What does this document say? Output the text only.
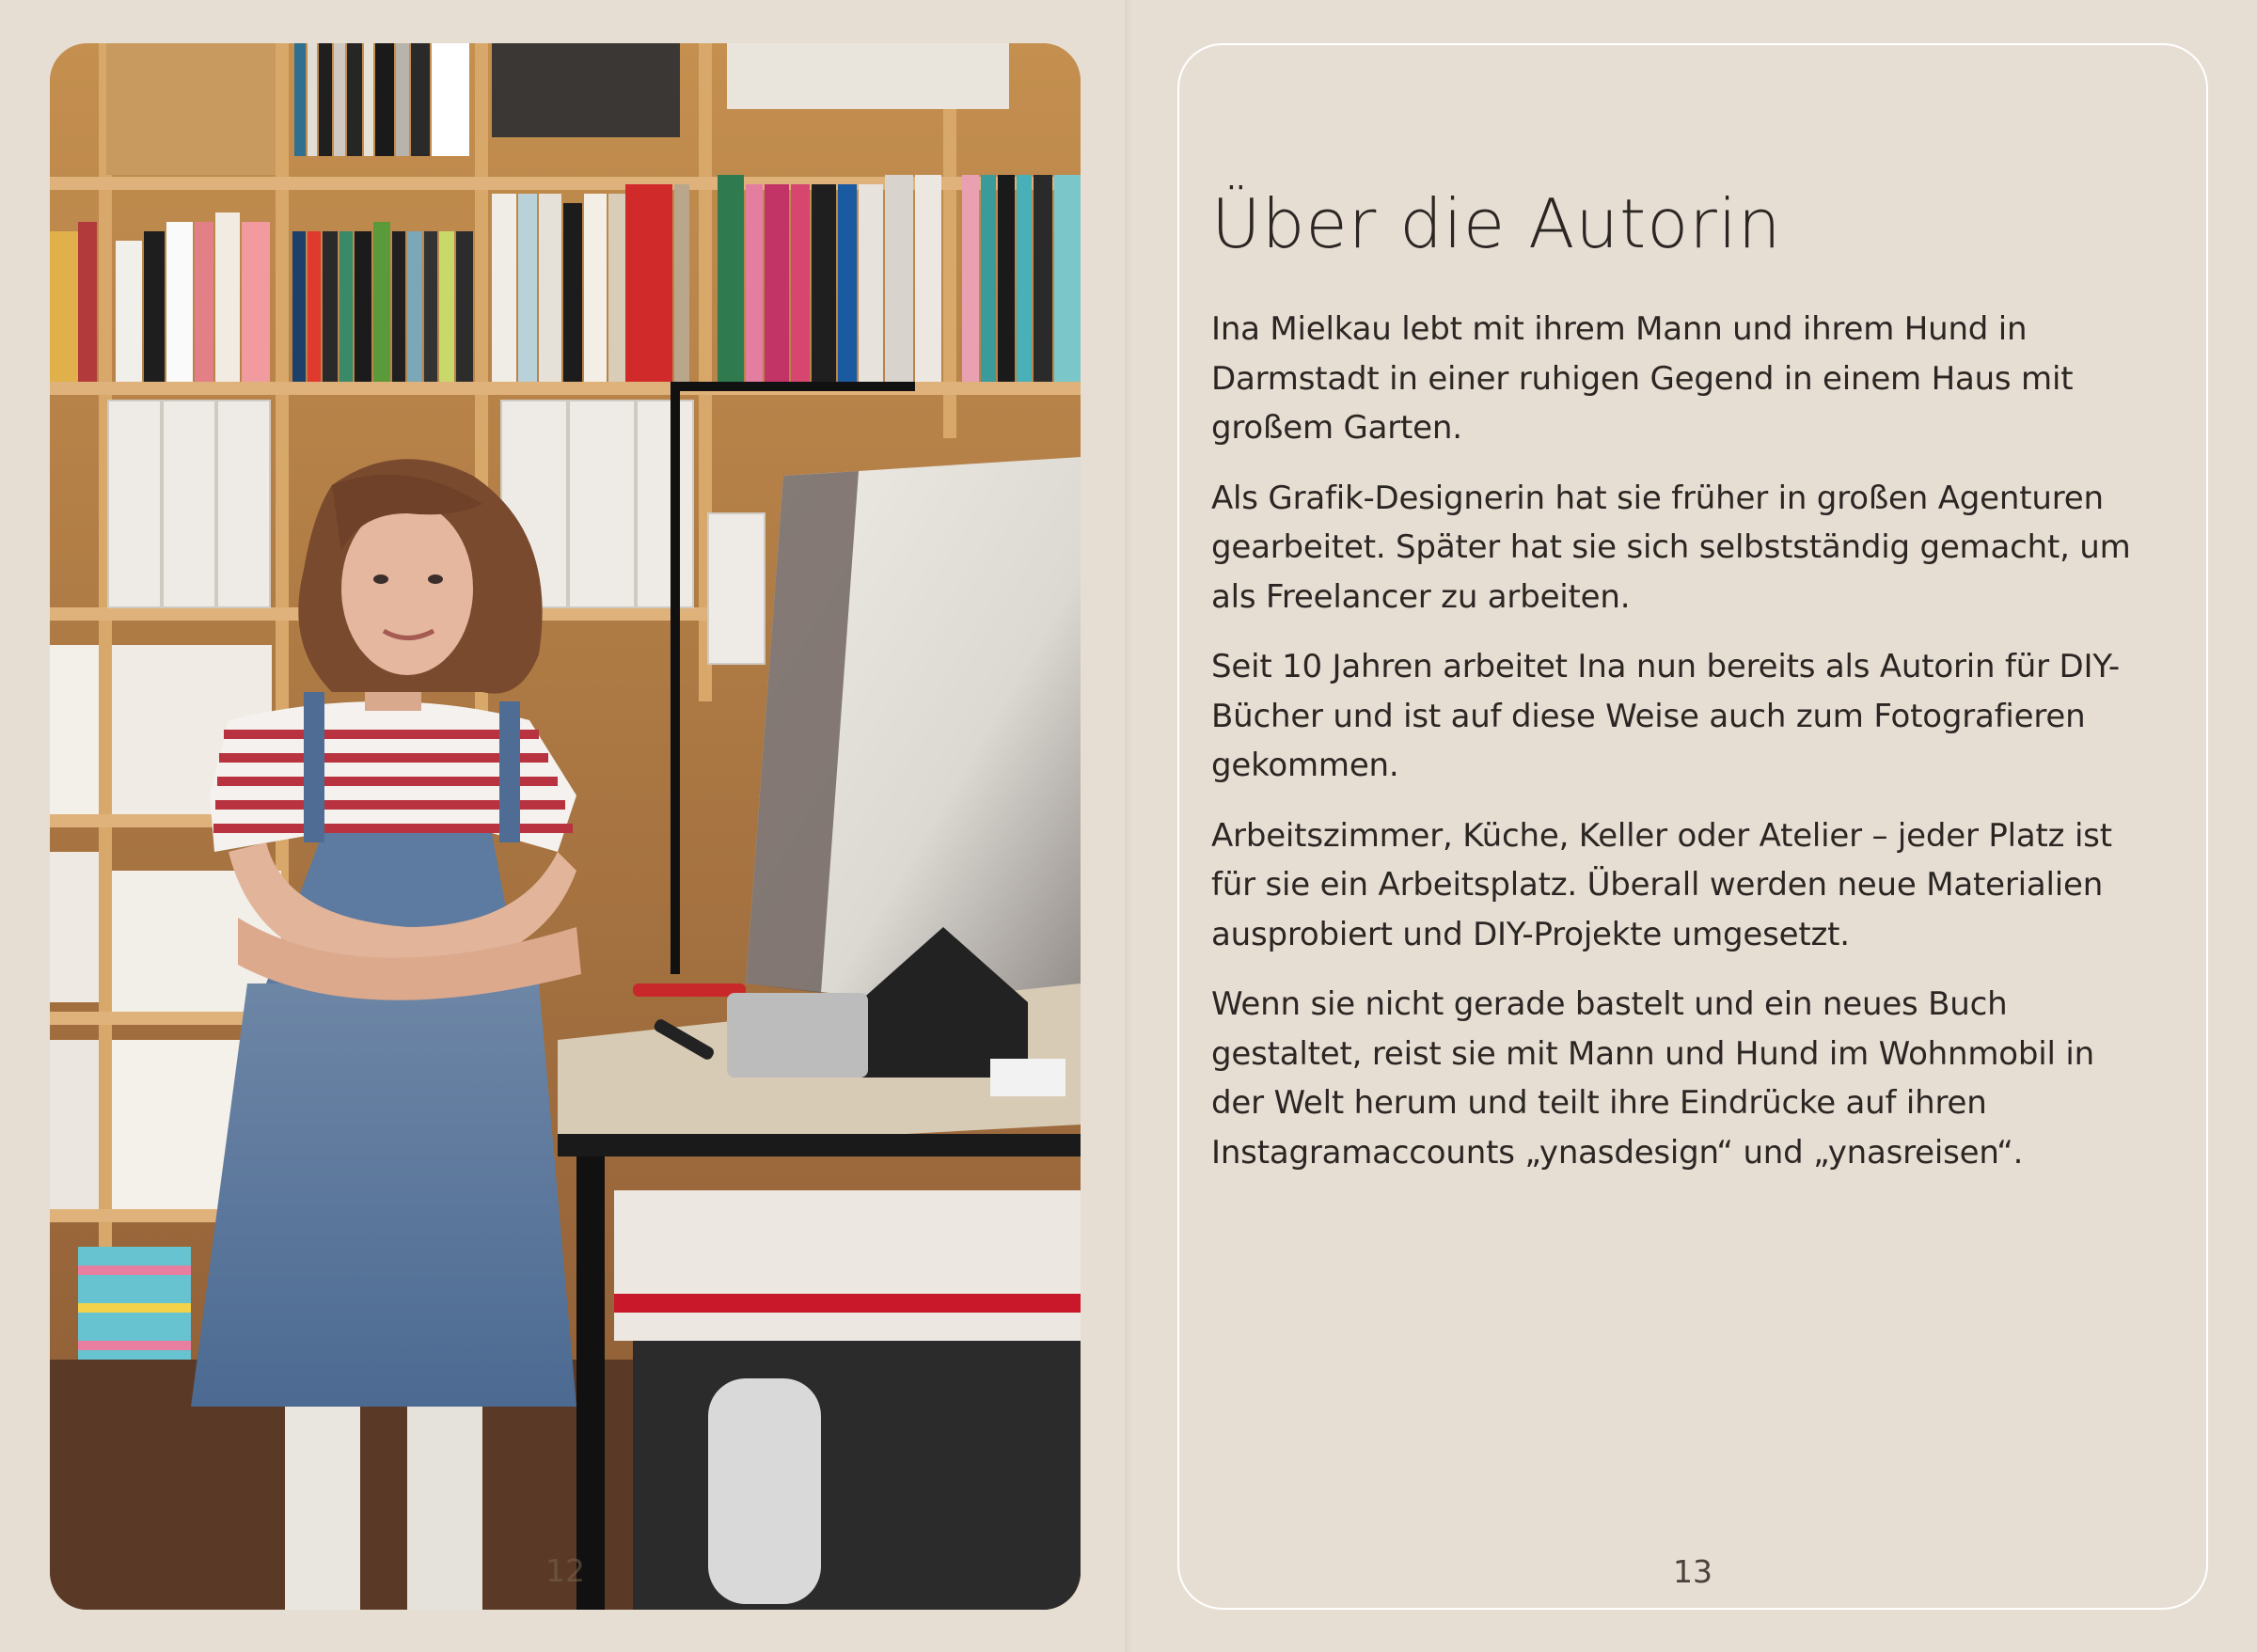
12
Über die Autorin

Ina Mielkau lebt mit ihrem Mann und ihrem Hund in Darmstadt in einer ruhigen Gegend in einem Haus mit großem Garten.

Als Grafik-Designerin hat sie früher in großen Agenturen gearbeitet. Später hat sie sich selbstständig gemacht, um als Freelancer zu arbeiten.

Seit 10 Jahren arbeitet Ina nun bereits als Autorin für DIY-Bücher und ist auf diese Weise auch zum Fotografieren gekommen.

Arbeitszimmer, Küche, Keller oder Atelier – jeder Platz ist für sie ein Arbeitsplatz. Überall werden neue Materialien ausprobiert und DIY-Projekte umgesetzt.

Wenn sie nicht gerade bastelt und ein neues Buch gestaltet, reist sie mit Mann und Hund im Wohnmobil in der Welt herum und teilt ihre Eindrücke auf ihren Instagramaccounts „ynasdesign“ und „ynasreisen“.

13
